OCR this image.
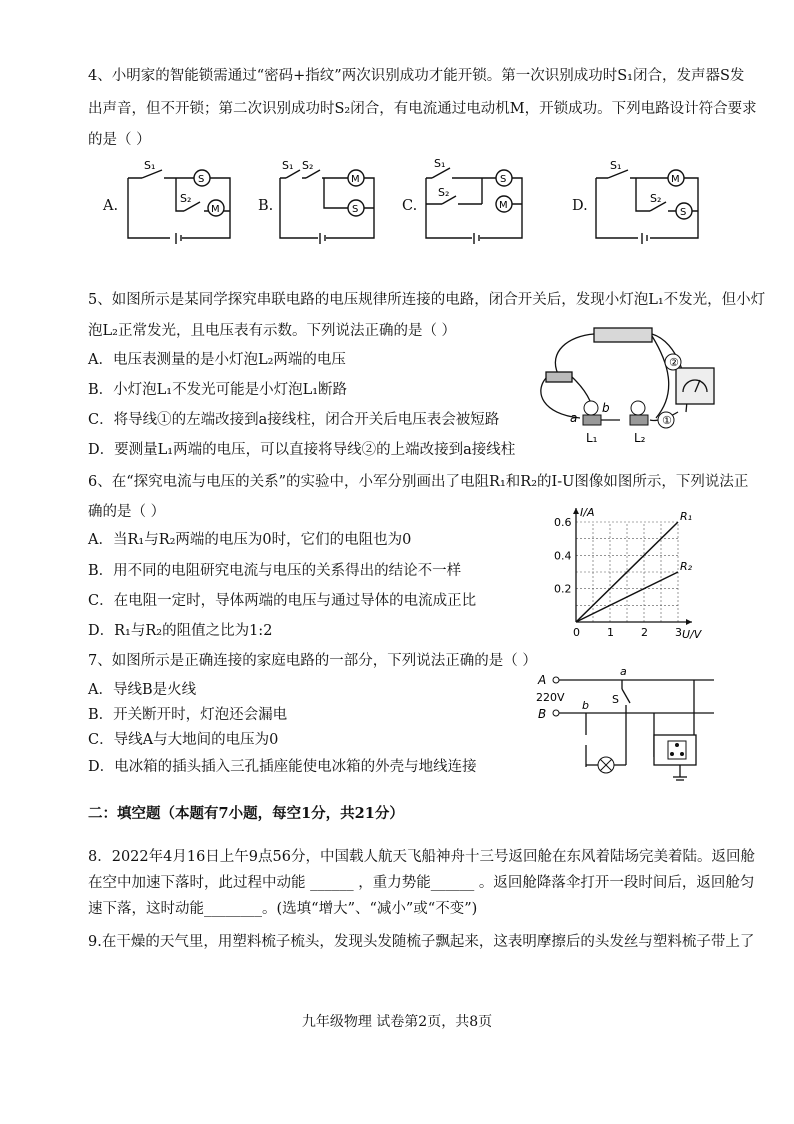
4、小明家的智能锁需通过“密码+指纹”两次识别成功才能开锁。第一次识别成功时S₁闭合，发声器S发
出声音，但不开锁；第二次识别成功时S₂闭合，有电流通过电动机M，开锁成功。下列电路设计符合要求
的是（ ）
A.	B.	C.	D.
S₁
S₂
S
M
S₁ S₂
M
S
S₁
S₂
S
M
S₁
S₂
M
S
5、如图所示是某同学探究串联电路的电压规律所连接的电路，闭合开关后，发现小灯泡L₁不发光，但小灯
泡L₂正常发光，且电压表有示数。下列说法正确的是（ ）
A．电压表测量的是小灯泡L₂两端的电压
B．小灯泡L₁不发光可能是小灯泡L₁断路
C．将导线①的左端改接到a接线柱，闭合开关后电压表会被短路
D．要测量L₁两端的电压，可以直接将导线②的上端改接到a接线柱
①
②
a
b
L₁	L₂
6、在“探究电流与电压的关系”的实验中，小军分别画出了电阻R₁和R₂的I-U图像如图所示，下列说法正
确的是（ ）
A．当R₁与R₂两端的电压为0时，它们的电阻也为0
B．用不同的电阻研究电流与电压的关系得出的结论不一样
C．在电阻一定时，导体两端的电压与通过导体的电流成正比
D．R₁与R₂的阻值之比为1:2
I/A
U/V
0 1 2 3
0.2
0.4
0.6	R₁
R₂
7、如图所示是正确连接的家庭电路的一部分，下列说法正确的是（ ）
A．导线B是火线
B．开关断开时，灯泡还会漏电
C．导线A与大地间的电压为0
D．电冰箱的插头插入三孔插座能使电冰箱的外壳与地线连接
A
B
220V
a
b S
二：填空题（本题有7小题，每空1分，共21分）
8．2022年4月16日上午9点56分，中国载人航天飞船神舟十三号返回舱在东风着陆场完美着陆。返回舱
在空中加速下落时，此过程中动能 ______ ，重力势能______ 。返回舱降落伞打开一段时间后，返回舱匀
速下落，这时动能________。(选填“增大”、“减小”或“不变”)
9.在干燥的天气里，用塑料梳子梳头，发现头发随梳子飘起来，这表明摩擦后的头发丝与塑料梳子带上了
九年级物理 试卷第2页，共8页
